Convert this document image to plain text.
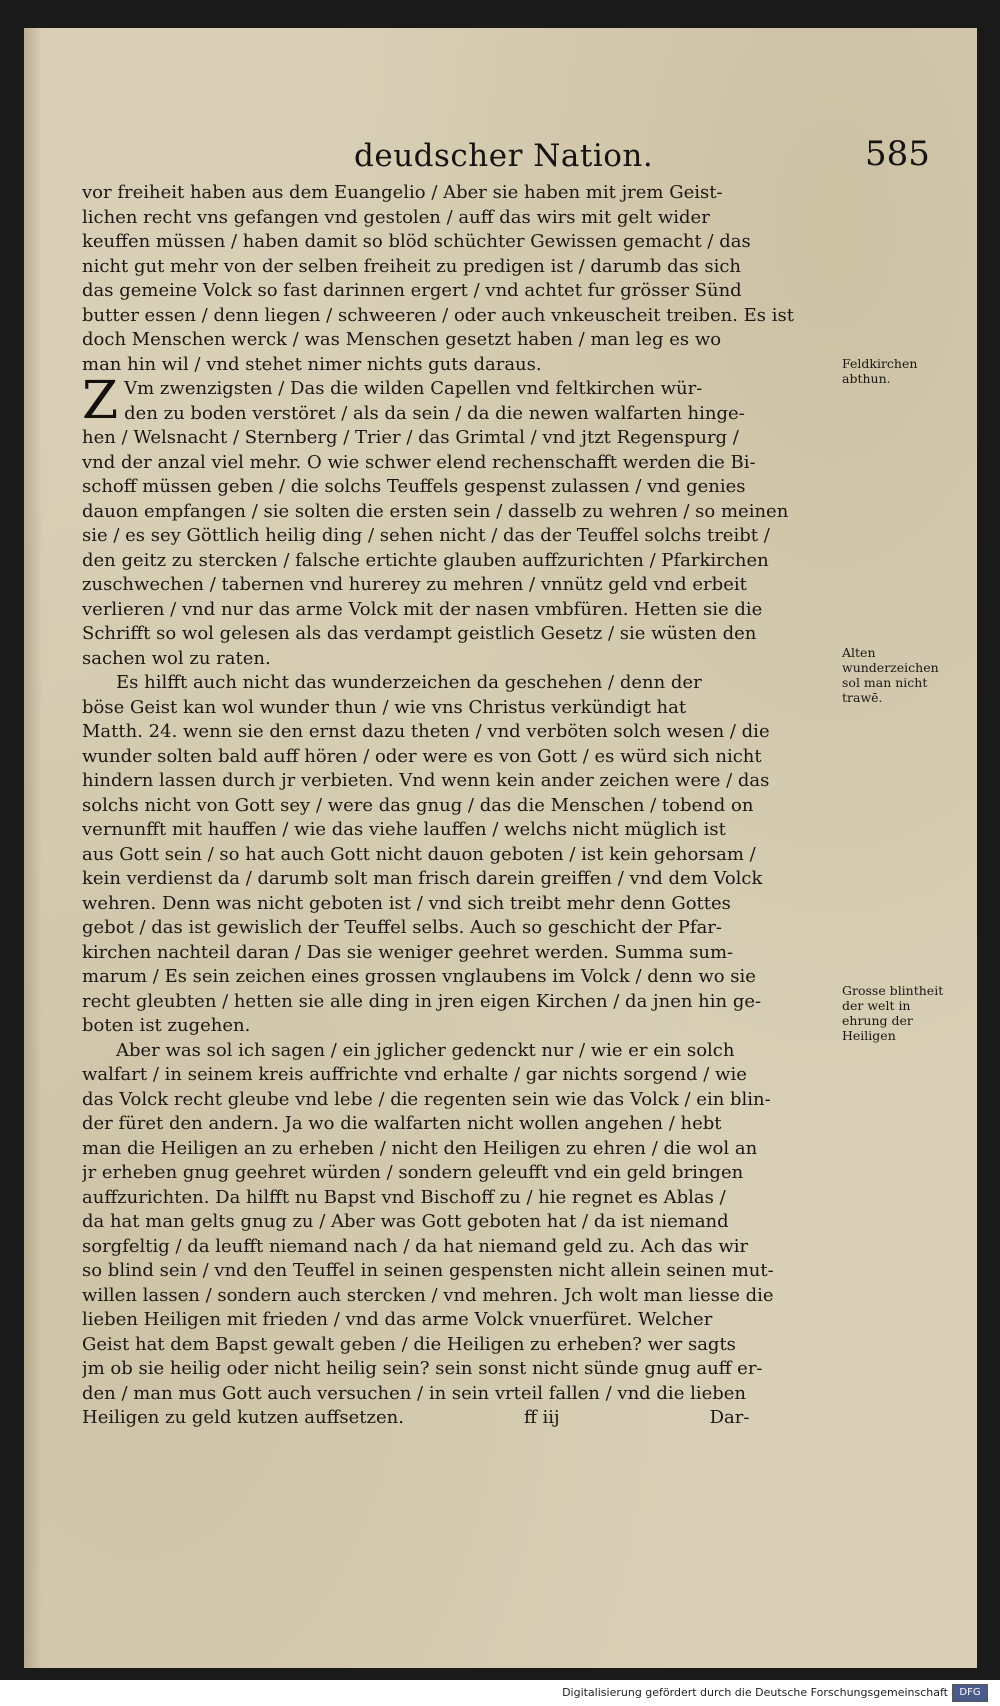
deudscher Nation.	585
vor freiheit haben aus dem Euangelio / Aber sie haben mit jrem Geist-
lichen recht vns gefangen vnd gestolen / auff das wirs mit gelt wider
keuffen müssen / haben damit so blöd schüchter Gewissen gemacht / das
nicht gut mehr von der selben freiheit zu predigen ist / darumb das sich
das gemeine Volck so fast darinnen ergert / vnd achtet fur grösser Sünd
butter essen / denn liegen / schweeren / oder auch vnkeuscheit treiben. Es ist
doch Menschen werck / was Menschen gesetzt haben / man leg es wo
man hin wil / vnd stehet nimer nichts guts daraus.
Z Vm zwenzigsten / Das die wilden Capellen vnd feltkirchen wür-
den zu boden verstöret / als da sein / da die newen walfarten hinge-
hen / Welsnacht / Sternberg / Trier / das Grimtal / vnd jtzt Regenspurg /
vnd der anzal viel mehr. O wie schwer elend rechenschafft werden die Bi-
schoff müssen geben / die solchs Teuffels gespenst zulassen / vnd genies
dauon empfangen / sie solten die ersten sein / dasselb zu wehren / so meinen
sie / es sey Göttlich heilig ding / sehen nicht / das der Teuffel solchs treibt /
den geitz zu stercken / falsche ertichte glauben auffzurichten / Pfarkirchen
zuschwechen / tabernen vnd hurerey zu mehren / vnnütz geld vnd erbeit
verlieren / vnd nur das arme Volck mit der nasen vmbfüren. Hetten sie die
Schrifft so wol gelesen als das verdampt geistlich Gesetz / sie wüsten den
sachen wol zu raten.
Es hilfft auch nicht das wunderzeichen da geschehen / denn der
böse Geist kan wol wunder thun / wie vns Christus verkündigt hat
Matth. 24. wenn sie den ernst dazu theten / vnd verböten solch wesen / die
wunder solten bald auff hören / oder were es von Gott / es würd sich nicht
hindern lassen durch jr verbieten. Vnd wenn kein ander zeichen were / das
solchs nicht von Gott sey / were das gnug / das die Menschen / tobend on
vernunfft mit hauffen / wie das viehe lauffen / welchs nicht müglich ist
aus Gott sein / so hat auch Gott nicht dauon geboten / ist kein gehorsam /
kein verdienst da / darumb solt man frisch darein greiffen / vnd dem Volck
wehren. Denn was nicht geboten ist / vnd sich treibt mehr denn Gottes
gebot / das ist gewislich der Teuffel selbs. Auch so geschicht der Pfar-
kirchen nachteil daran / Das sie weniger geehret werden. Summa sum-
marum / Es sein zeichen eines grossen vnglaubens im Volck / denn wo sie
recht gleubten / hetten sie alle ding in jren eigen Kirchen / da jnen hin ge-
boten ist zugehen.
Aber was sol ich sagen / ein jglicher gedenckt nur / wie er ein solch
walfart / in seinem kreis auffrichte vnd erhalte / gar nichts sorgend / wie
das Volck recht gleube vnd lebe / die regenten sein wie das Volck / ein blin-
der füret den andern. Ja wo die walfarten nicht wollen angehen / hebt
man die Heiligen an zu erheben / nicht den Heiligen zu ehren / die wol an
jr erheben gnug geehret würden / sondern geleufft vnd ein geld bringen
auffzurichten. Da hilfft nu Bapst vnd Bischoff zu / hie regnet es Ablas /
da hat man gelts gnug zu / Aber was Gott geboten hat / da ist niemand
sorgfeltig / da leufft niemand nach / da hat niemand geld zu. Ach das wir
so blind sein / vnd den Teuffel in seinen gespensten nicht allein seinen mut-
willen lassen / sondern auch stercken / vnd mehren. Jch wolt man liesse die
lieben Heiligen mit frieden / vnd das arme Volck vnuerfüret. Welcher
Geist hat dem Bapst gewalt geben / die Heiligen zu erheben? wer sagts
jm ob sie heilig oder nicht heilig sein? sein sonst nicht sünde gnug auff er-
den / man mus Gott auch versuchen / in sein vrteil fallen / vnd die lieben
Heiligen zu geld kutzen auffsetzen.	ff iij	Dar-
Feldkirchen abthun.
Alten wunderzeichen sol man nicht trawē.
Grosse blintheit der welt in ehrung der Heiligen
Digitalisierung gefördert durch die Deutsche Forschungsgemeinschaft	DFG
